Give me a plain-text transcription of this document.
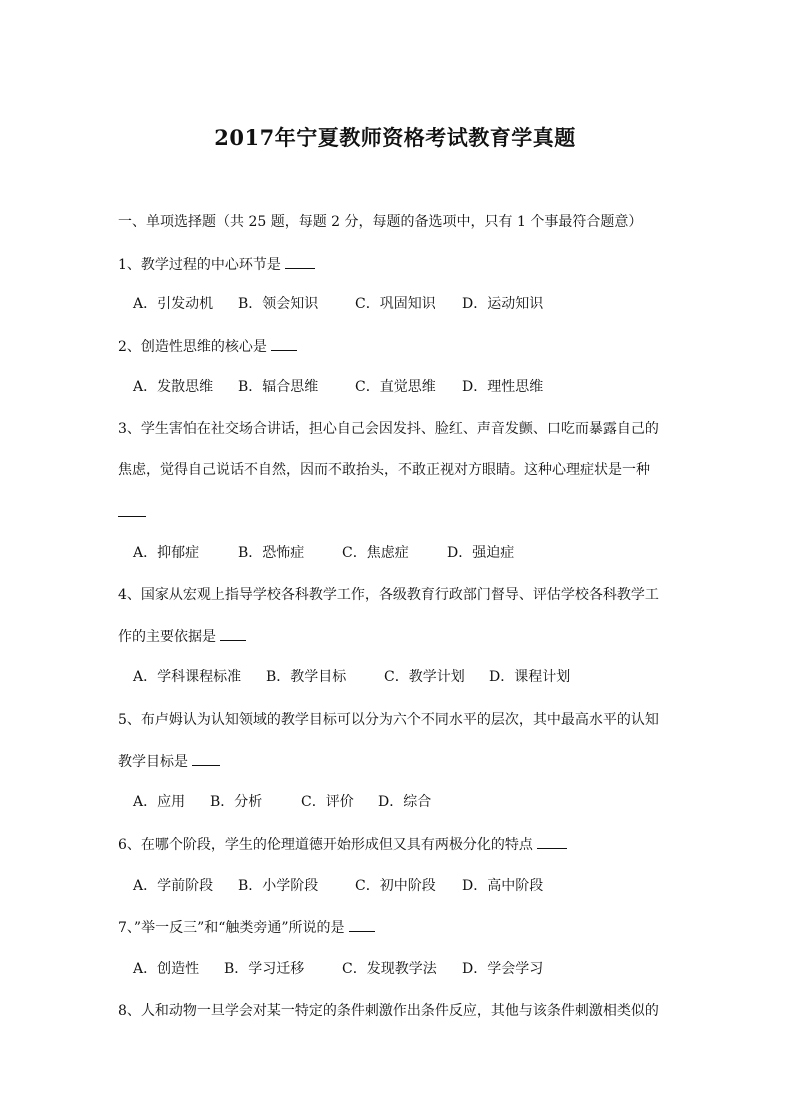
2017年宁夏教师资格考试教育学真题
一、单项选择题（共 25 题，每题 2 分，每题的备选项中，只有 1 个事最符合题意）
1、教学过程的中心环节是
A．引发动机 B．领会知识	C．巩固知识 D．运动知识
2、创造性思维的核心是
A．发散思维 B．辐合思维	C．直觉思维 D．理性思维
3、学生害怕在社交场合讲话，担心自己会因发抖、脸红、声音发颤、口吃而暴露自己的
焦虑，觉得自己说话不自然，因而不敢抬头，不敢正视对方眼睛。这种心理症状是一种
A．抑郁症	B．恐怖症	C．焦虑症	D．强迫症
4、国家从宏观上指导学校各科教学工作，各级教育行政部门督导、评估学校各科教学工
作的主要依据是
A．学科课程标准 B．教学目标	C．教学计划 D．课程计划
5、布卢姆认为认知领域的教学目标可以分为六个不同水平的层次，其中最高水平的认知
教学目标是
A．应用 B．分析	C．评价 D．综合
6、在哪个阶段，学生的伦理道德开始形成但又具有两极分化的特点
A．学前阶段 B．小学阶段	C．初中阶段 D．高中阶段
7、”举一反三”和“触类旁通”所说的是
A．创造性 B．学习迁移	C．发现教学法 D．学会学习
8、人和动物一旦学会对某一特定的条件刺激作出条件反应，其他与该条件刺激相类似的
